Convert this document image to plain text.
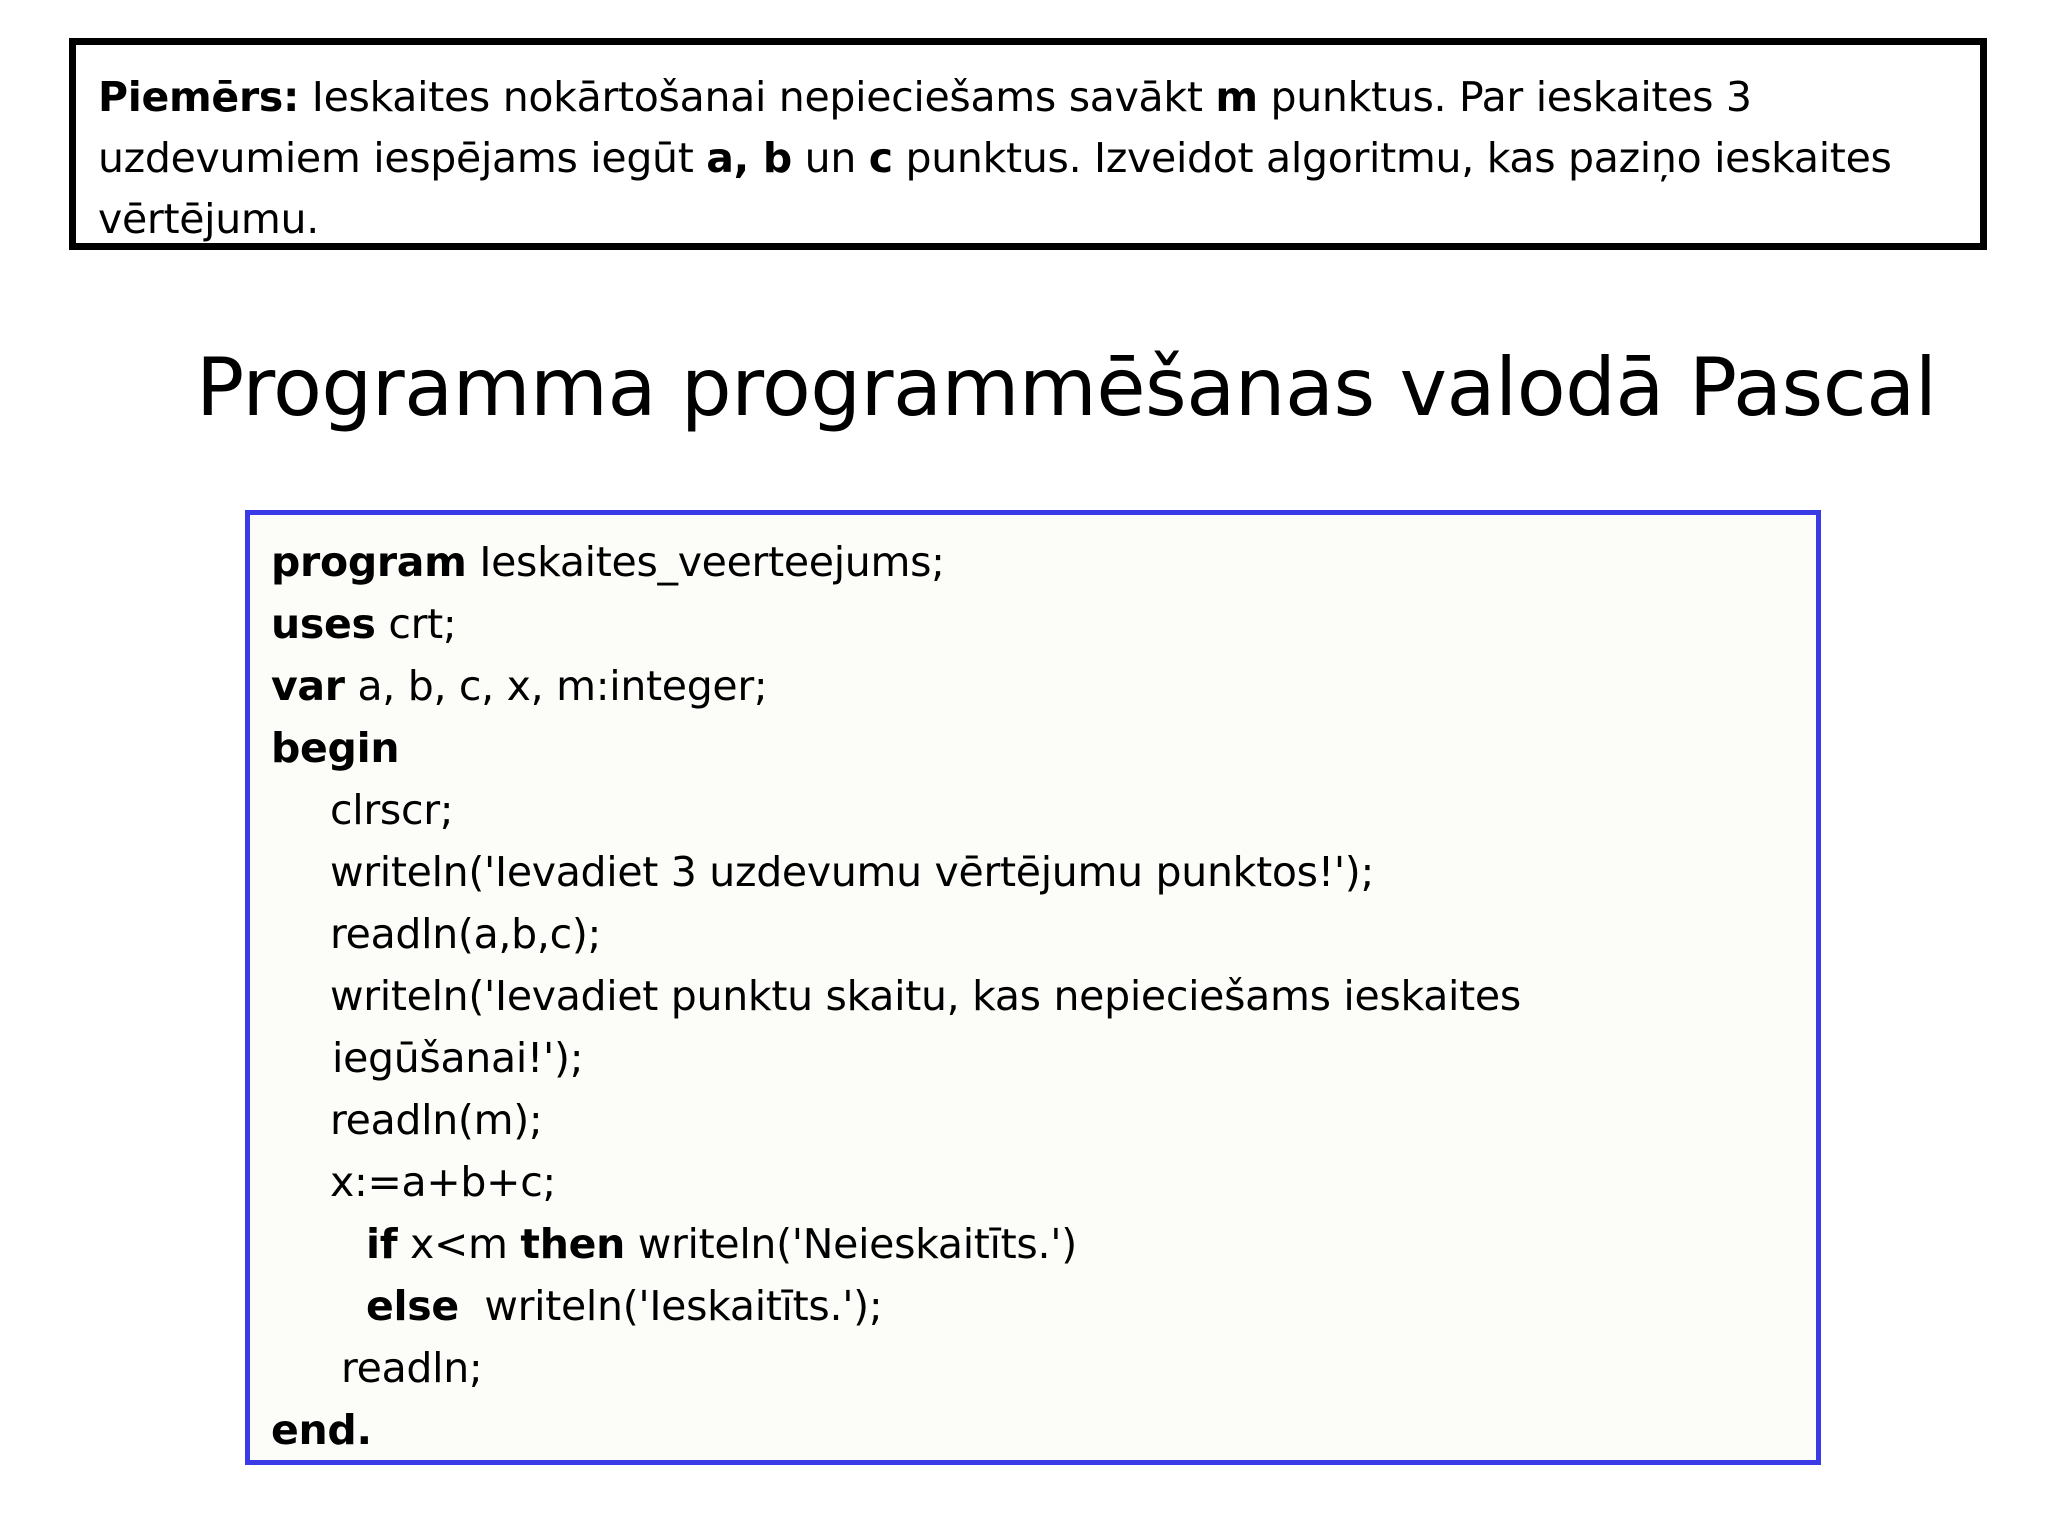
Piemērs: Ieskaites nokārtošanai nepieciešams savākt m punktus. Par ieskaites 3 uzdevumiem iespējams iegūt a, b un c punktus. Izveidot algoritmu, kas paziņo ieskaites vērtējumu.
Programma programmēšanas valodā Pascal
program Ieskaites_veerteejums;
uses crt;
var a, b, c, x, m:integer;
begin
clrscr;
writeln('Ievadiet 3 uzdevumu vērtējumu punktos!');
readln(a,b,c);
writeln('Ievadiet punktu skaitu, kas nepieciešams ieskaites
iegūšanai!');
readln(m);
x:=a+b+c;
if x<m then writeln('Neieskaitīts.')
else  writeln('Ieskaitīts.');
readln;
end.
